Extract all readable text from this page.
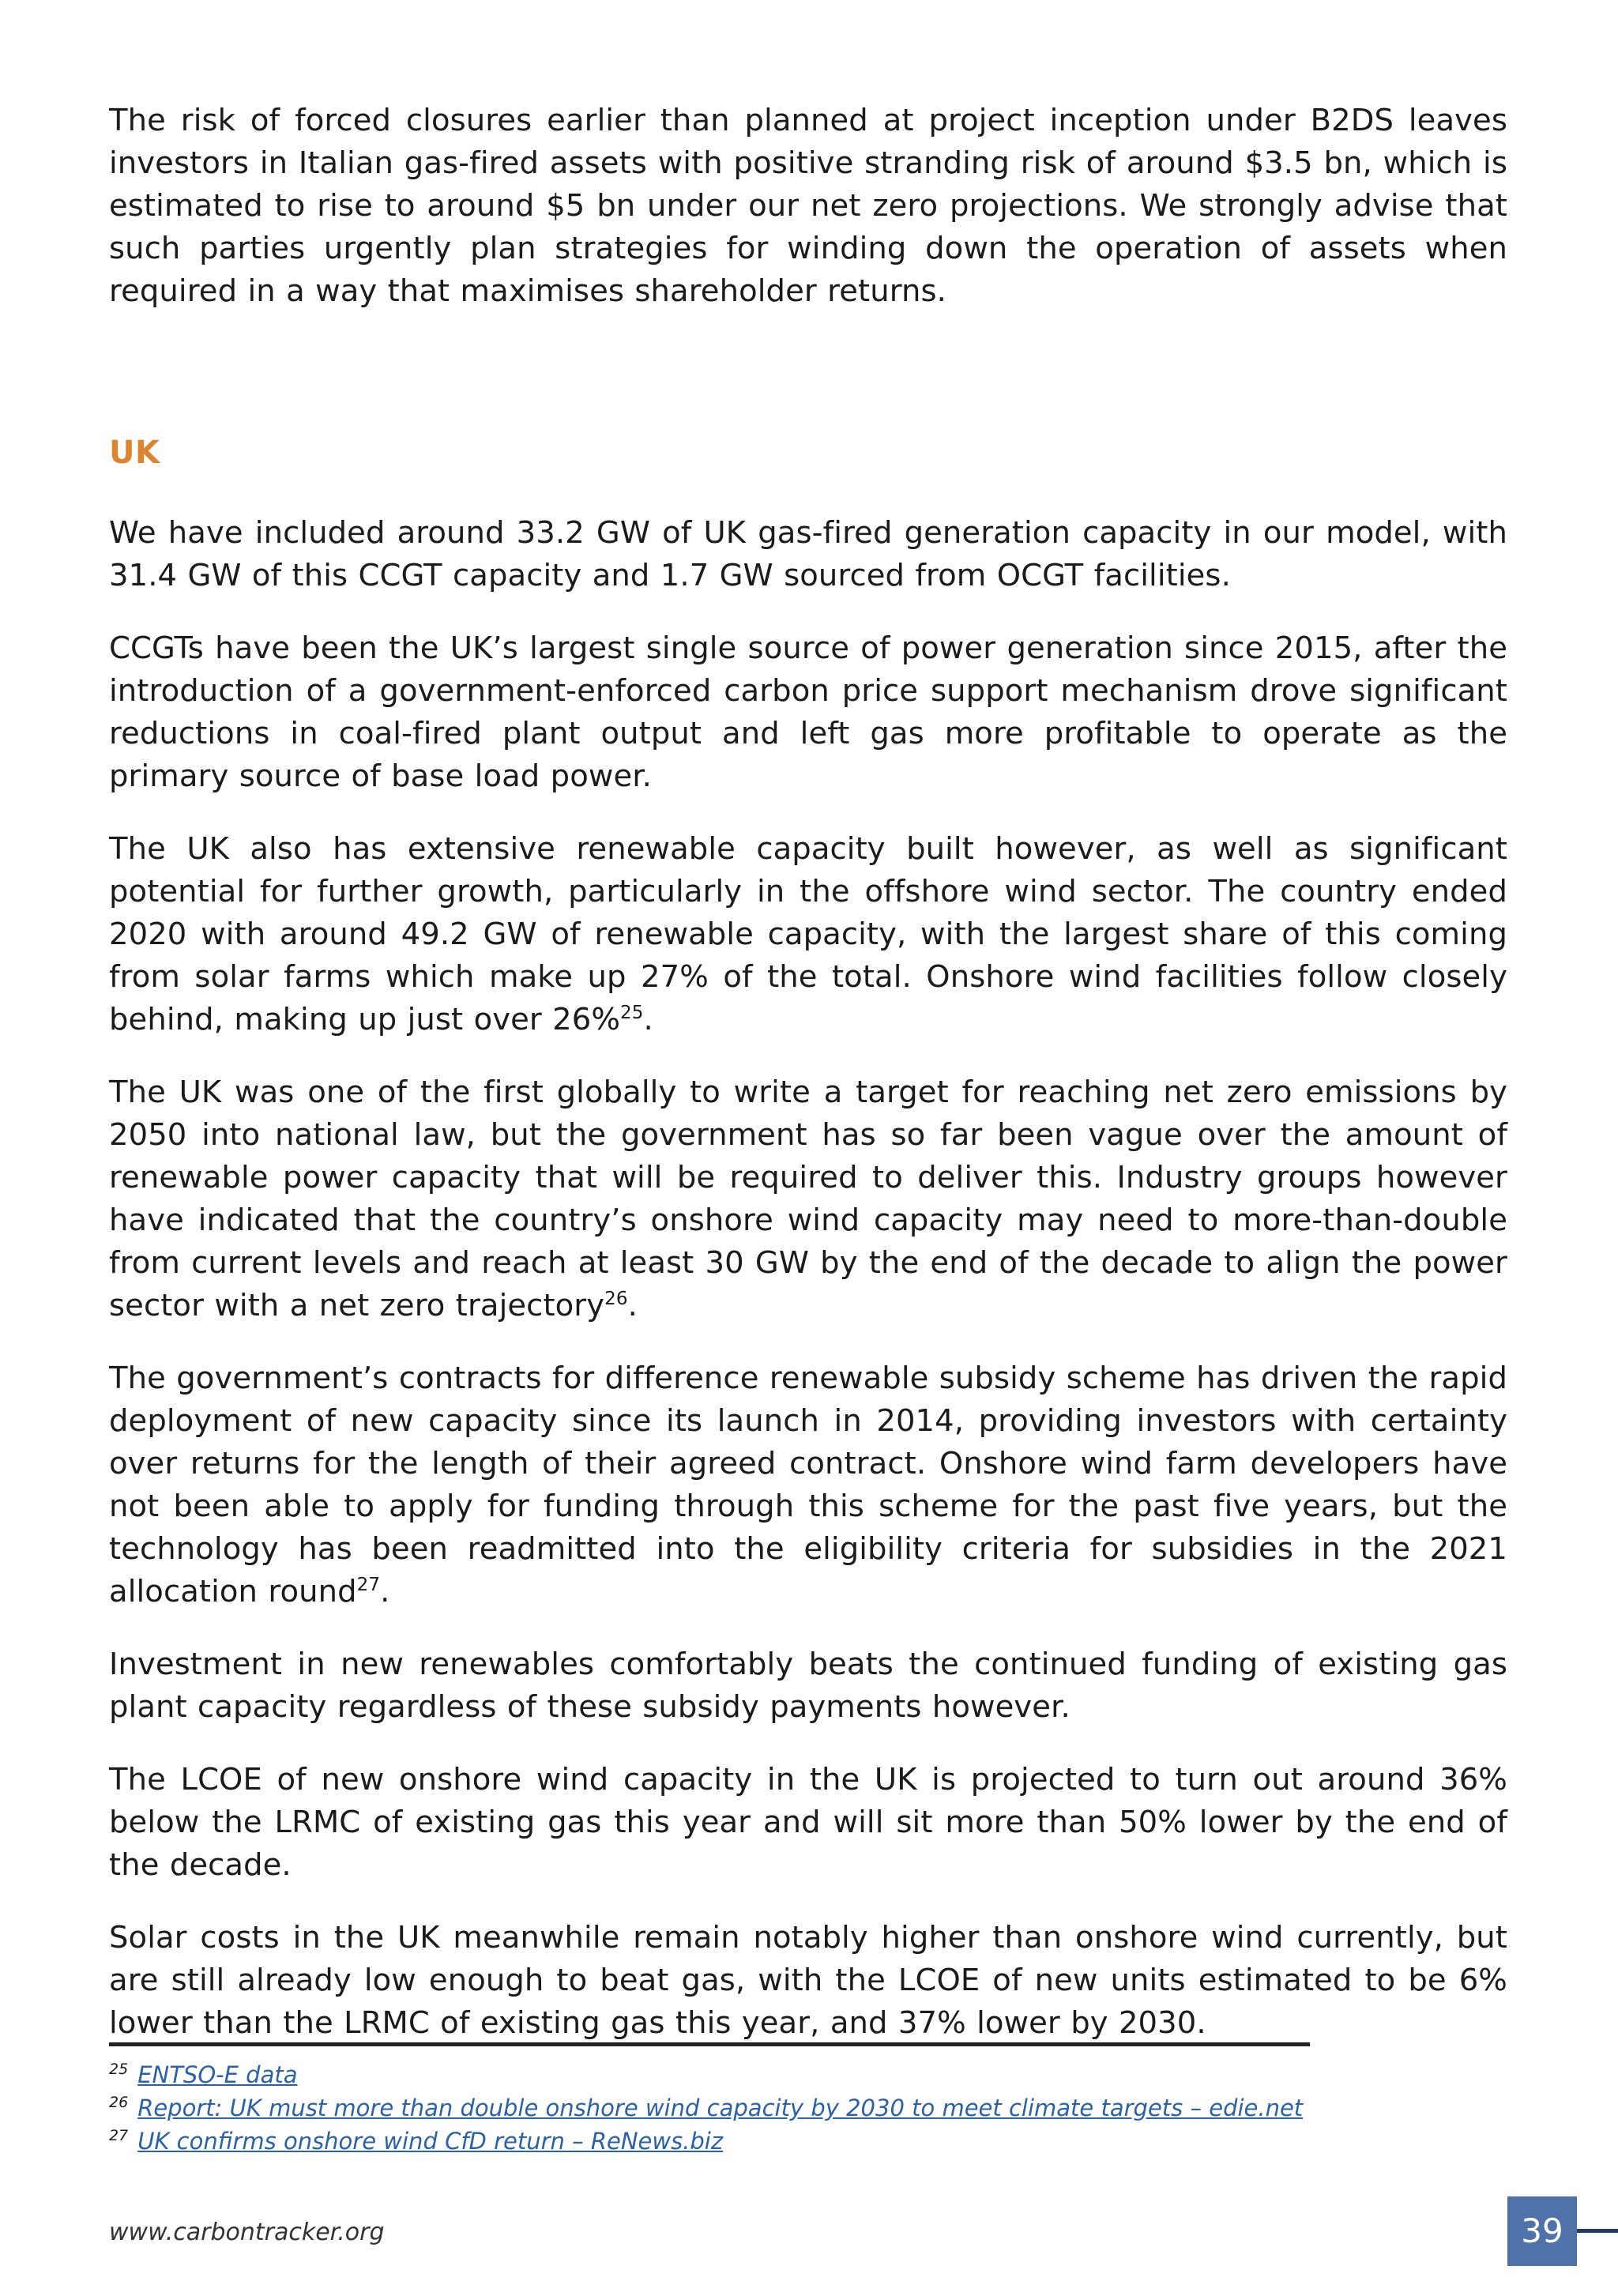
The risk of forced closures earlier than planned at project inception under B2DS leaves investors in Italian gas-fired assets with positive stranding risk of around $3.5 bn, which is estimated to rise to around $5 bn under our net zero projections. We strongly advise that such parties urgently plan strategies for winding down the operation of assets when required in a way that maximises shareholder returns.

UK

We have included around 33.2 GW of UK gas-fired generation capacity in our model, with 31.4 GW of this CCGT capacity and 1.7 GW sourced from OCGT facilities.

CCGTs have been the UK’s largest single source of power generation since 2015, after the introduction of a government-enforced carbon price support mechanism drove significant reductions in coal-fired plant output and left gas more profitable to operate as the primary source of base load power.

The UK also has extensive renewable capacity built however, as well as significant potential for further growth, particularly in the offshore wind sector. The country ended 2020 with around 49.2 GW of renewable capacity, with the largest share of this coming from solar farms which make up 27% of the total. Onshore wind facilities follow closely behind, making up just over 26%$^{25}$.

The UK was one of the first globally to write a target for reaching net zero emissions by 2050 into national law, but the government has so far been vague over the amount of renewable power capacity that will be required to deliver this. Industry groups however have indicated that the country’s onshore wind capacity may need to more-than-double from current levels and reach at least 30 GW by the end of the decade to align the power sector with a net zero trajectory$^{26}$.

The government’s contracts for difference renewable subsidy scheme has driven the rapid deployment of new capacity since its launch in 2014, providing investors with certainty over returns for the length of their agreed contract. Onshore wind farm developers have not been able to apply for funding through this scheme for the past five years, but the technology has been readmitted into the eligibility criteria for subsidies in the 2021 allocation round$^{27}$.

Investment in new renewables comfortably beats the continued funding of existing gas plant capacity regardless of these subsidy payments however.

The LCOE of new onshore wind capacity in the UK is projected to turn out around 36% below the LRMC of existing gas this year and will sit more than 50% lower by the end of the decade.

Solar costs in the UK meanwhile remain notably higher than onshore wind currently, but are still already low enough to beat gas, with the LCOE of new units estimated to be 6% lower than the LRMC of existing gas this year, and 37% lower by 2030.

$^{25}$ ENTSO-E data
$^{26}$ Report: UK must more than double onshore wind capacity by 2030 to meet climate targets – edie.net
$^{27}$ UK confirms onshore wind CfD return – ReNews.biz
www.carbontracker.org	39
